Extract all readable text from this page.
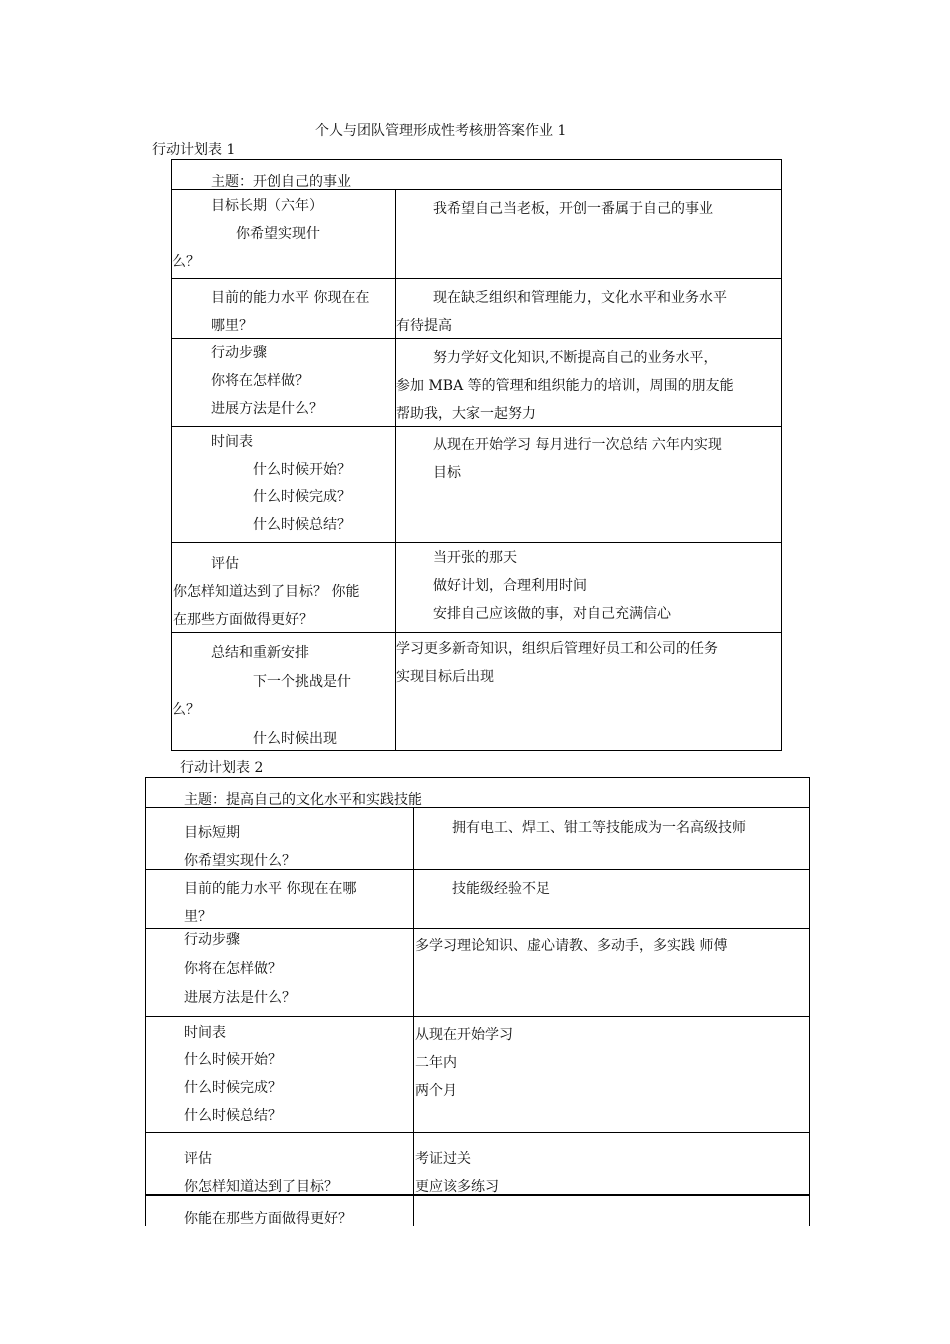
个人与团队管理形成性考核册答案作业 1
行动计划表 1
主题：开创自己的事业
目标长期（六年）
你希望实现什
么？
我希望自己当老板，开创一番属于自己的事业
目前的能力水平 你现在在
哪里？
现在缺乏组织和管理能力，文化水平和业务水平
有待提高
行动步骤
你将在怎样做？
进展方法是什么？
努力学好文化知识,不断提高自己的业务水平，
参加 MBA 等的管理和组织能力的培训，周围的朋友能
帮助我，大家一起努力
时间表
什么时候开始？
什么时候完成？
什么时候总结？
从现在开始学习 每月进行一次总结 六年内实现
目标
评估
你怎样知道达到了目标？ 你能
在那些方面做得更好？
当开张的那天
做好计划，合理利用时间
安排自己应该做的事，对自己充满信心
总结和重新安排
下一个挑战是什
么？
什么时候出现
学习更多新奇知识，组织后管理好员工和公司的任务
实现目标后出现
行动计划表 2
主题：提高自己的文化水平和实践技能
目标短期
你希望实现什么？
拥有电工、焊工、钳工等技能成为一名高级技师
目前的能力水平 你现在在哪
里？
技能级经验不足
行动步骤
你将在怎样做？
进展方法是什么？
多学习理论知识、虚心请教、多动手，多实践 师傅
时间表
什么时候开始？
什么时候完成？
什么时候总结？
从现在开始学习
二年内
两个月
评估
你怎样知道达到了目标？
考证过关
更应该多练习
你能在那些方面做得更好？
